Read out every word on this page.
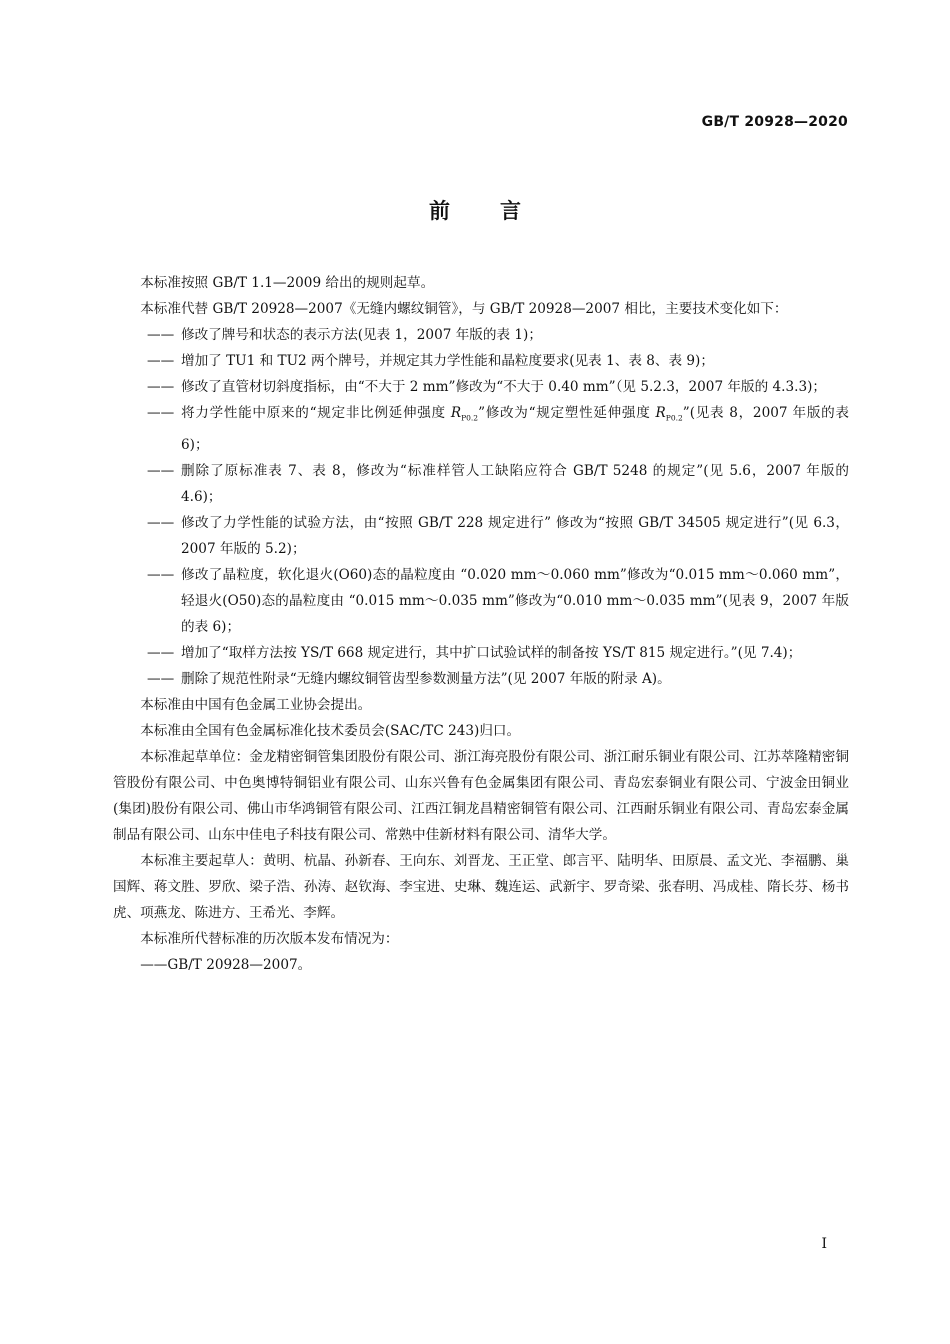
GB/T 20928—2020
前 言
本标准按照 GB/T 1.1—2009 给出的规则起草。
本标准代替 GB/T 20928—2007《无缝内螺纹铜管》，与 GB/T 20928—2007 相比，主要技术变化如下：
—— 修改了牌号和状态的表示方法(见表 1，2007 年版的表 1)；
—— 增加了 TU1 和 TU2 两个牌号，并规定其力学性能和晶粒度要求(见表 1、表 8、表 9)；
—— 修改了直管材切斜度指标，由“不大于 2 mm”修改为“不大于 0.40 mm”（见 5.2.3，2007 年版的 4.3.3)；
—— 将力学性能中原来的“规定非比例延伸强度 $R_{P0.2}$”修改为“规定塑性延伸强度 $R_{P0.2}$”(见表 8，2007 年版的表 6)；
—— 删除了原标准表 7、表 8，修改为“标准样管人工缺陷应符合 GB/T 5248 的规定”(见 5.6，2007 年版的 4.6)；
—— 修改了力学性能的试验方法，由“按照 GB/T 228 规定进行” 修改为“按照 GB/T 34505 规定进行”(见 6.3，2007 年版的 5.2)；
—— 修改了晶粒度，软化退火(O60)态的晶粒度由 “0.020 mm～0.060 mm”修改为“0.015 mm～0.060 mm”，轻退火(O50)态的晶粒度由 “0.015 mm～0.035 mm”修改为“0.010 mm～0.035 mm”(见表 9，2007 年版的表 6)；
—— 增加了“取样方法按 YS/T 668 规定进行，其中扩口试验试样的制备按 YS/T 815 规定进行。”(见 7.4)；
—— 删除了规范性附录“无缝内螺纹铜管齿型参数测量方法”(见 2007 年版的附录 A)。
本标准由中国有色金属工业协会提出。
本标准由全国有色金属标准化技术委员会(SAC/TC 243)归口。
本标准起草单位：金龙精密铜管集团股份有限公司、浙江海亮股份有限公司、浙江耐乐铜业有限公司、江苏萃隆精密铜管股份有限公司、中色奥博特铜铝业有限公司、山东兴鲁有色金属集团有限公司、青岛宏泰铜业有限公司、宁波金田铜业(集团)股份有限公司、佛山市华鸿铜管有限公司、江西江铜龙昌精密铜管有限公司、江西耐乐铜业有限公司、青岛宏泰金属制品有限公司、山东中佳电子科技有限公司、常熟中佳新材料有限公司、清华大学。
本标准主要起草人：黄明、杭晶、孙新春、王向东、刘晋龙、王正堂、郎言平、陆明华、田原晨、孟文光、李福鹏、巢国辉、蒋文胜、罗欣、梁子浩、孙涛、赵钦海、李宝进、史琳、魏连运、武新宇、罗奇梁、张春明、冯成桂、隋长芬、杨书虎、项燕龙、陈进方、王希光、李辉。
本标准所代替标准的历次版本发布情况为：
——GB/T 20928—2007。
I
